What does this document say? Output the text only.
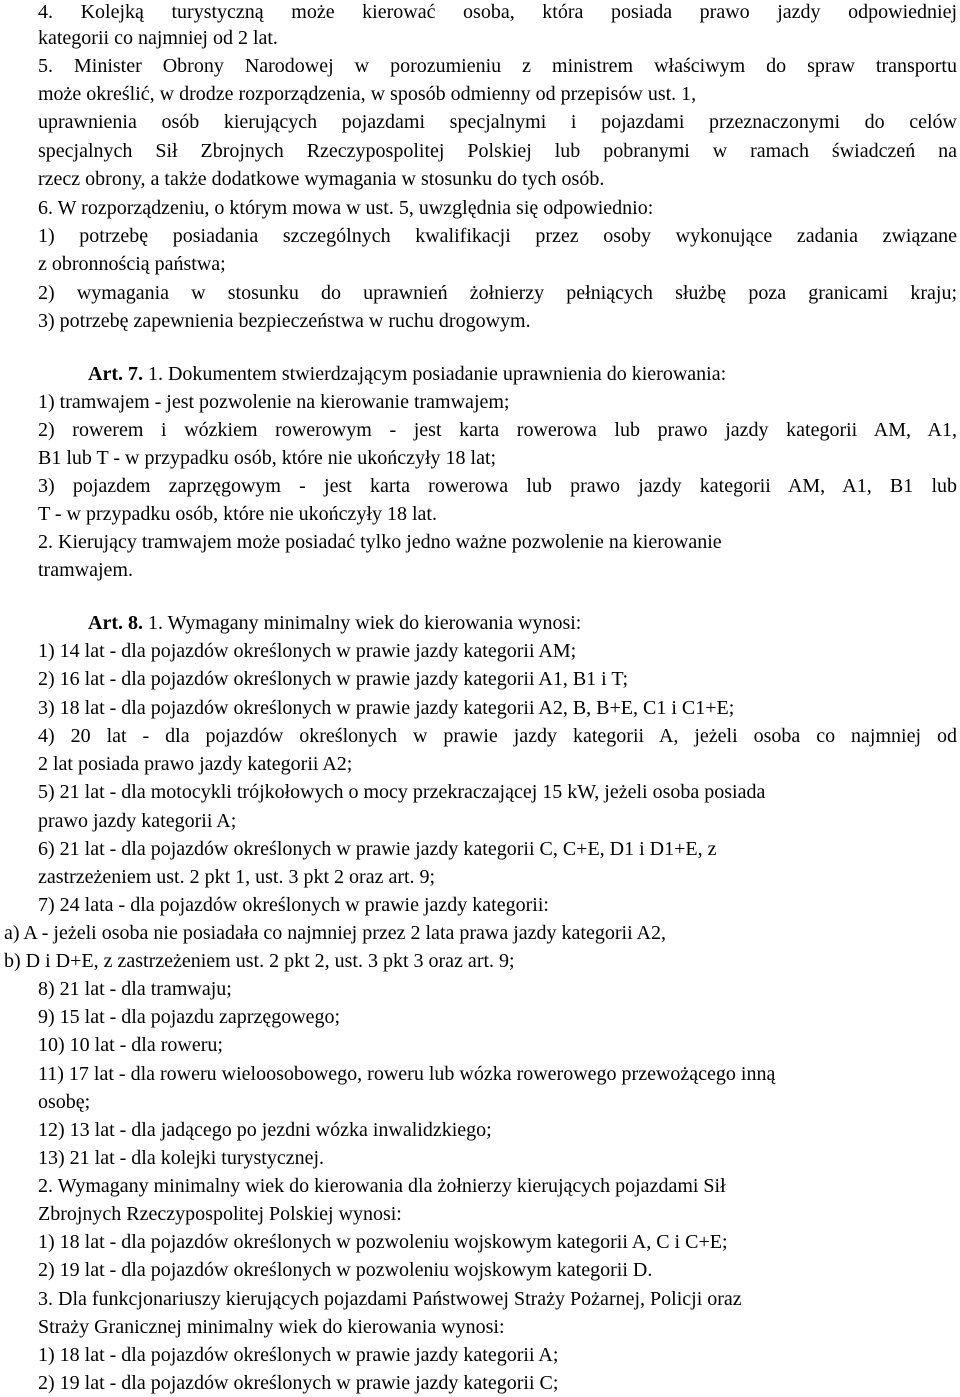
4. Kolejką turystyczną może kierować osoba, która posiada prawo jazdy odpowiedniej
kategorii co najmniej od 2 lat.
5. Minister Obrony Narodowej w porozumieniu z ministrem właściwym do spraw transportu
może określić, w drodze rozporządzenia, w sposób odmienny od przepisów ust. 1,
uprawnienia osób kierujących pojazdami specjalnymi i pojazdami przeznaczonymi do celów
specjalnych Sił Zbrojnych Rzeczypospolitej Polskiej lub pobranymi w ramach świadczeń na
rzecz obrony, a także dodatkowe wymagania w stosunku do tych osób.
6. W rozporządzeniu, o którym mowa w ust. 5, uwzględnia się odpowiednio:
1) potrzebę posiadania szczególnych kwalifikacji przez osoby wykonujące zadania związane
z obronnością państwa;
2) wymagania w stosunku do uprawnień żołnierzy pełniących służbę poza granicami kraju;
3) potrzebę zapewnienia bezpieczeństwa w ruchu drogowym.
Art. 7. 1. Dokumentem stwierdzającym posiadanie uprawnienia do kierowania:
1) tramwajem - jest pozwolenie na kierowanie tramwajem;
2) rowerem i wózkiem rowerowym - jest karta rowerowa lub prawo jazdy kategorii AM, A1,
B1 lub T - w przypadku osób, które nie ukończyły 18 lat;
3) pojazdem zaprzęgowym - jest karta rowerowa lub prawo jazdy kategorii AM, A1, B1 lub
T - w przypadku osób, które nie ukończyły 18 lat.
2. Kierujący tramwajem może posiadać tylko jedno ważne pozwolenie na kierowanie
tramwajem.
Art. 8. 1. Wymagany minimalny wiek do kierowania wynosi:
1) 14 lat - dla pojazdów określonych w prawie jazdy kategorii AM;
2) 16 lat - dla pojazdów określonych w prawie jazdy kategorii A1, B1 i T;
3) 18 lat - dla pojazdów określonych w prawie jazdy kategorii A2, B, B+E, C1 i C1+E;
4) 20 lat - dla pojazdów określonych w prawie jazdy kategorii A, jeżeli osoba co najmniej od
2 lat posiada prawo jazdy kategorii A2;
5) 21 lat - dla motocykli trójkołowych o mocy przekraczającej 15 kW, jeżeli osoba posiada
prawo jazdy kategorii A;
6) 21 lat - dla pojazdów określonych w prawie jazdy kategorii C, C+E, D1 i D1+E, z
zastrzeżeniem ust. 2 pkt 1, ust. 3 pkt 2 oraz art. 9;
7) 24 lata - dla pojazdów określonych w prawie jazdy kategorii:
a) A - jeżeli osoba nie posiadała co najmniej przez 2 lata prawa jazdy kategorii A2,
b) D i D+E, z zastrzeżeniem ust. 2 pkt 2, ust. 3 pkt 3 oraz art. 9;
8) 21 lat - dla tramwaju;
9) 15 lat - dla pojazdu zaprzęgowego;
10) 10 lat - dla roweru;
11) 17 lat - dla roweru wieloosobowego, roweru lub wózka rowerowego przewożącego inną
osobę;
12) 13 lat - dla jadącego po jezdni wózka inwalidzkiego;
13) 21 lat - dla kolejki turystycznej.
2. Wymagany minimalny wiek do kierowania dla żołnierzy kierujących pojazdami Sił
Zbrojnych Rzeczypospolitej Polskiej wynosi:
1) 18 lat - dla pojazdów określonych w pozwoleniu wojskowym kategorii A, C i C+E;
2) 19 lat - dla pojazdów określonych w pozwoleniu wojskowym kategorii D.
3. Dla funkcjonariuszy kierujących pojazdami Państwowej Straży Pożarnej, Policji oraz
Straży Granicznej minimalny wiek do kierowania wynosi:
1) 18 lat - dla pojazdów określonych w prawie jazdy kategorii A;
2) 19 lat - dla pojazdów określonych w prawie jazdy kategorii C;
